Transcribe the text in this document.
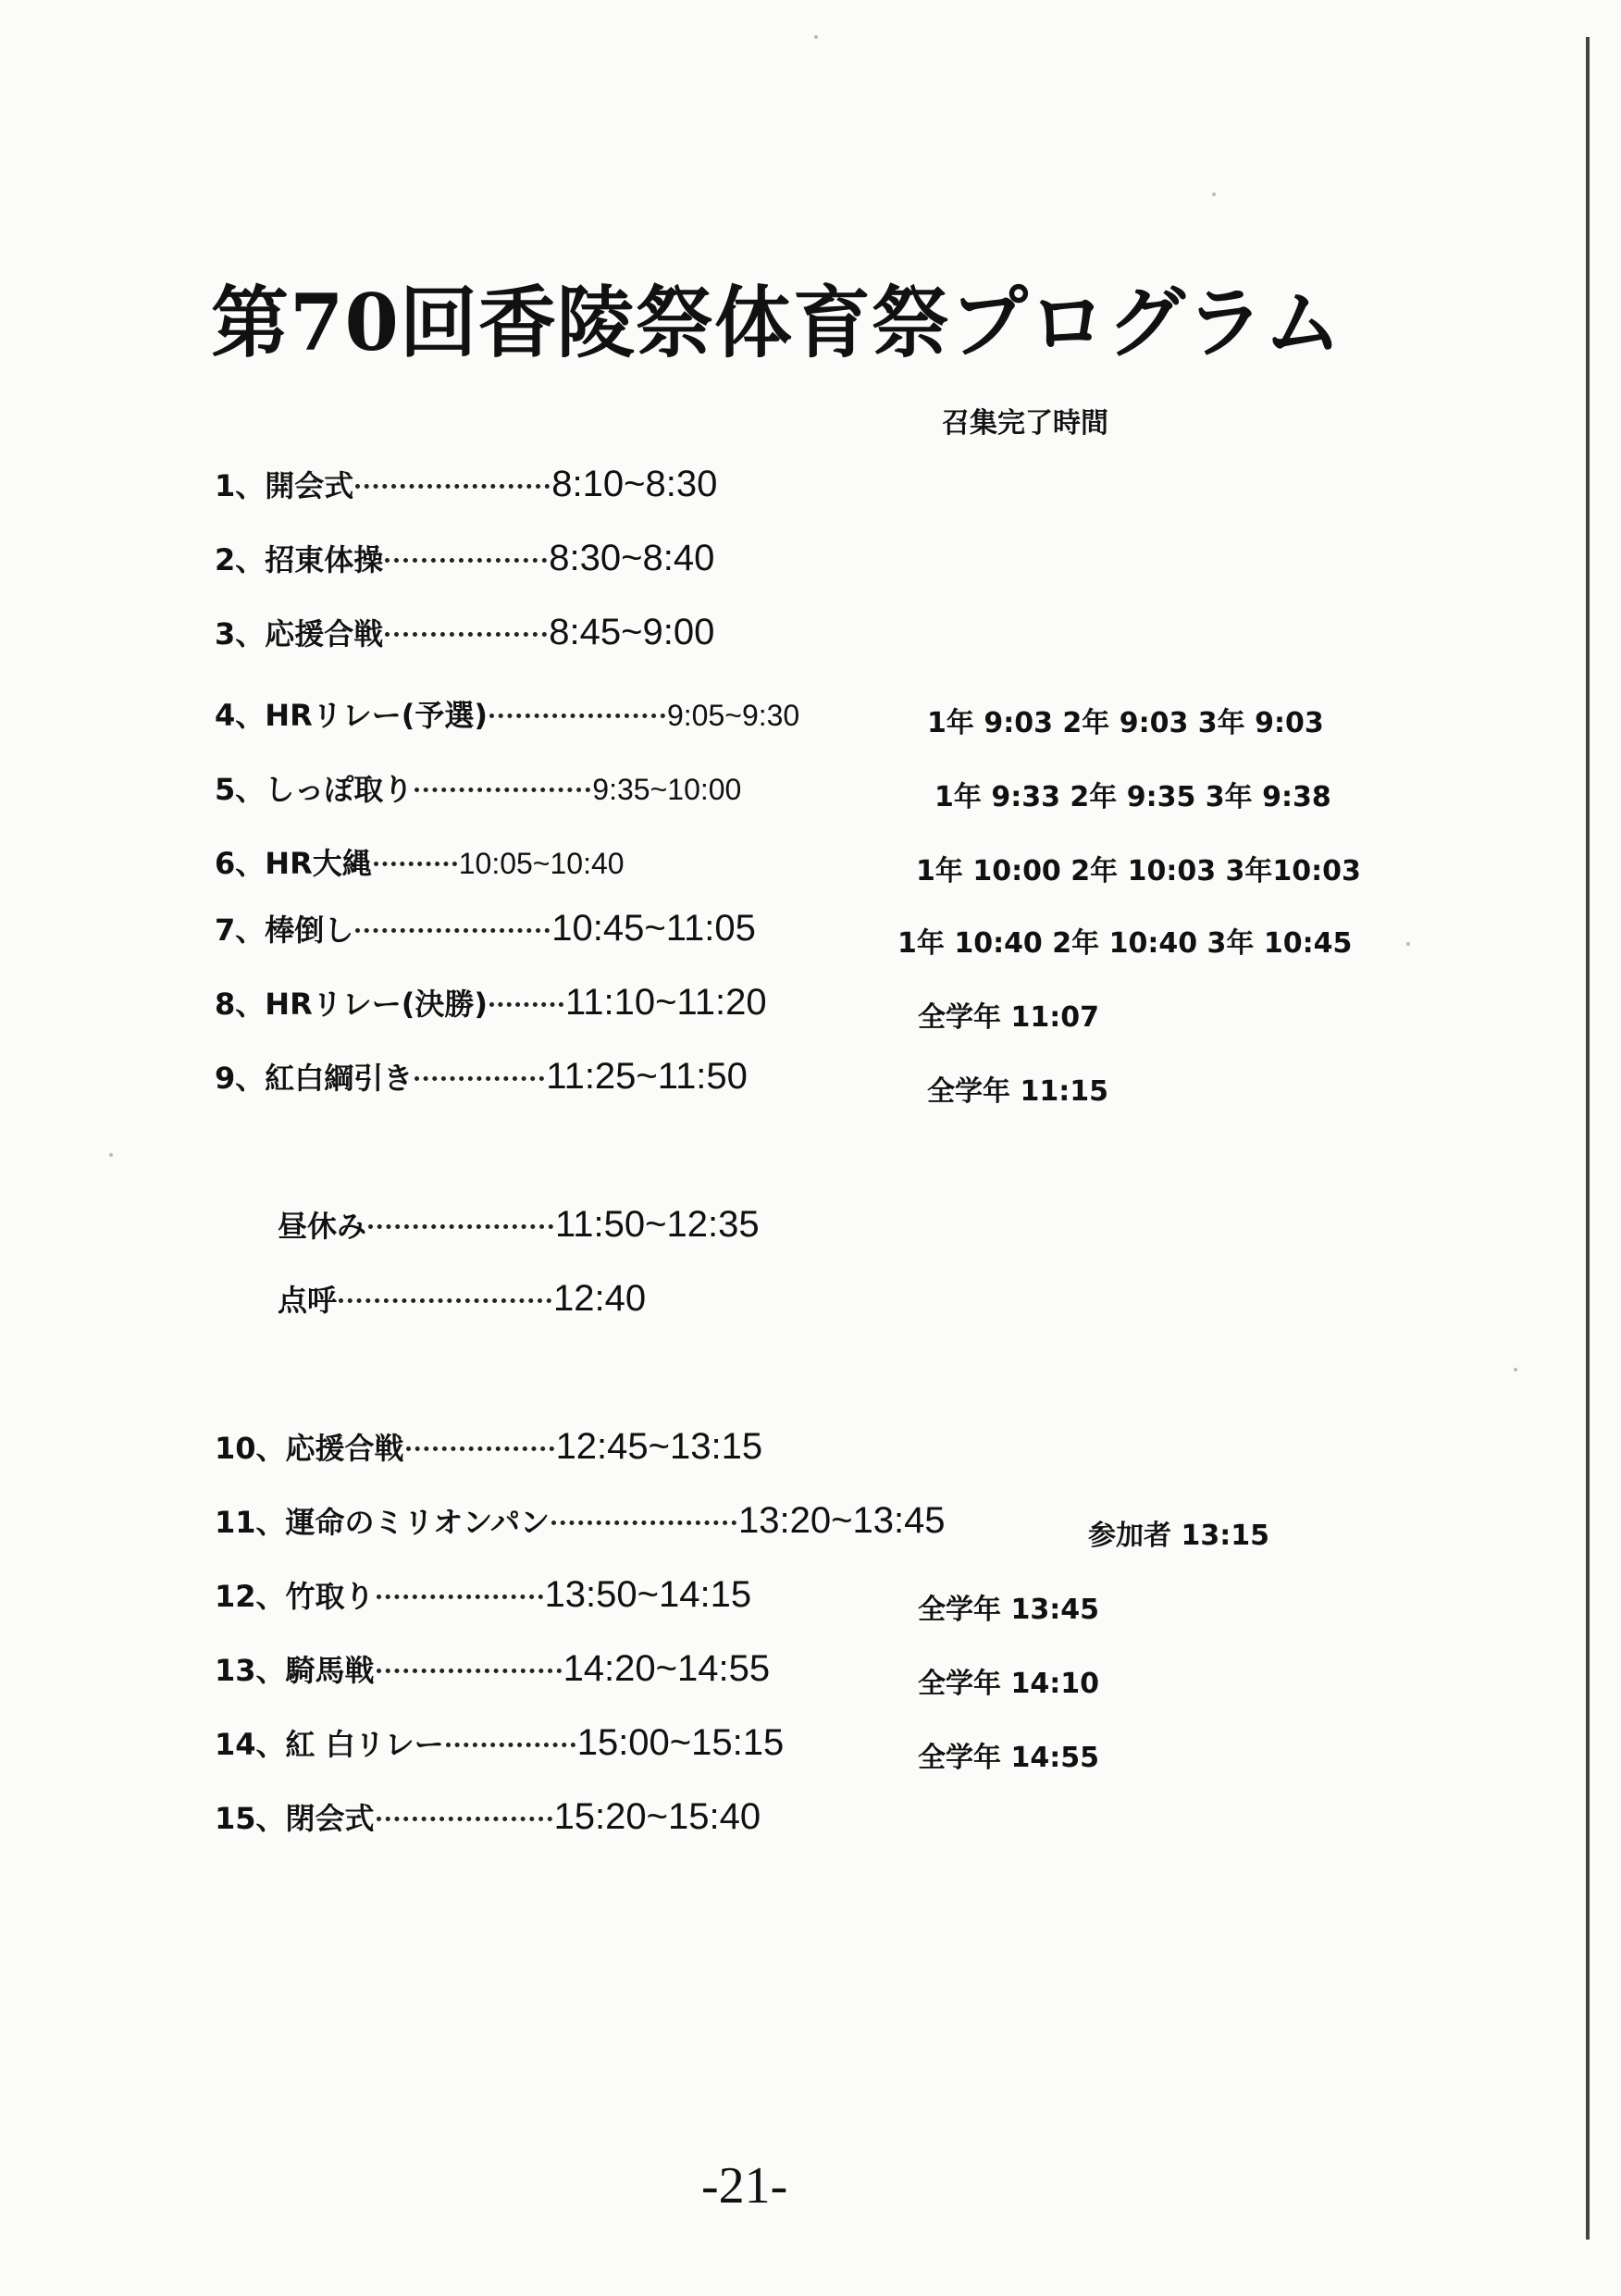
第70回香陵祭体育祭プログラム
召集完了時間
1、開会式	8:10~8:30
2、招東体操	8:30~8:40
3、応援合戦	8:45~9:00
4、HRリレー(予選)	9:05~9:30	1年 9:03 2年 9:03 3年 9:03
5、しっぽ取り	9:35~10:00	1年 9:33 2年 9:35 3年 9:38
6、HR大縄	10:05~10:40	1年 10:00 2年 10:03 3年10:03
7、棒倒し	10:45~11:05	1年 10:40 2年 10:40 3年 10:45
8、HRリレー(決勝) 11:10~11:20	全学年 11:07
9、紅白綱引き	11:25~11:50	全学年 11:15
昼休み	11:50~12:35
点呼	12:40
10、応援合戦	12:45~13:15
11、運命のミリオンパン	13:20~13:45	参加者 13:15
12、竹取り	13:50~14:15	全学年 13:45
13、騎馬戦	14:20~14:55	全学年 14:10
14、紅 白リレー	15:00~15:15	全学年 14:55
15、閉会式	15:20~15:40
-21-
